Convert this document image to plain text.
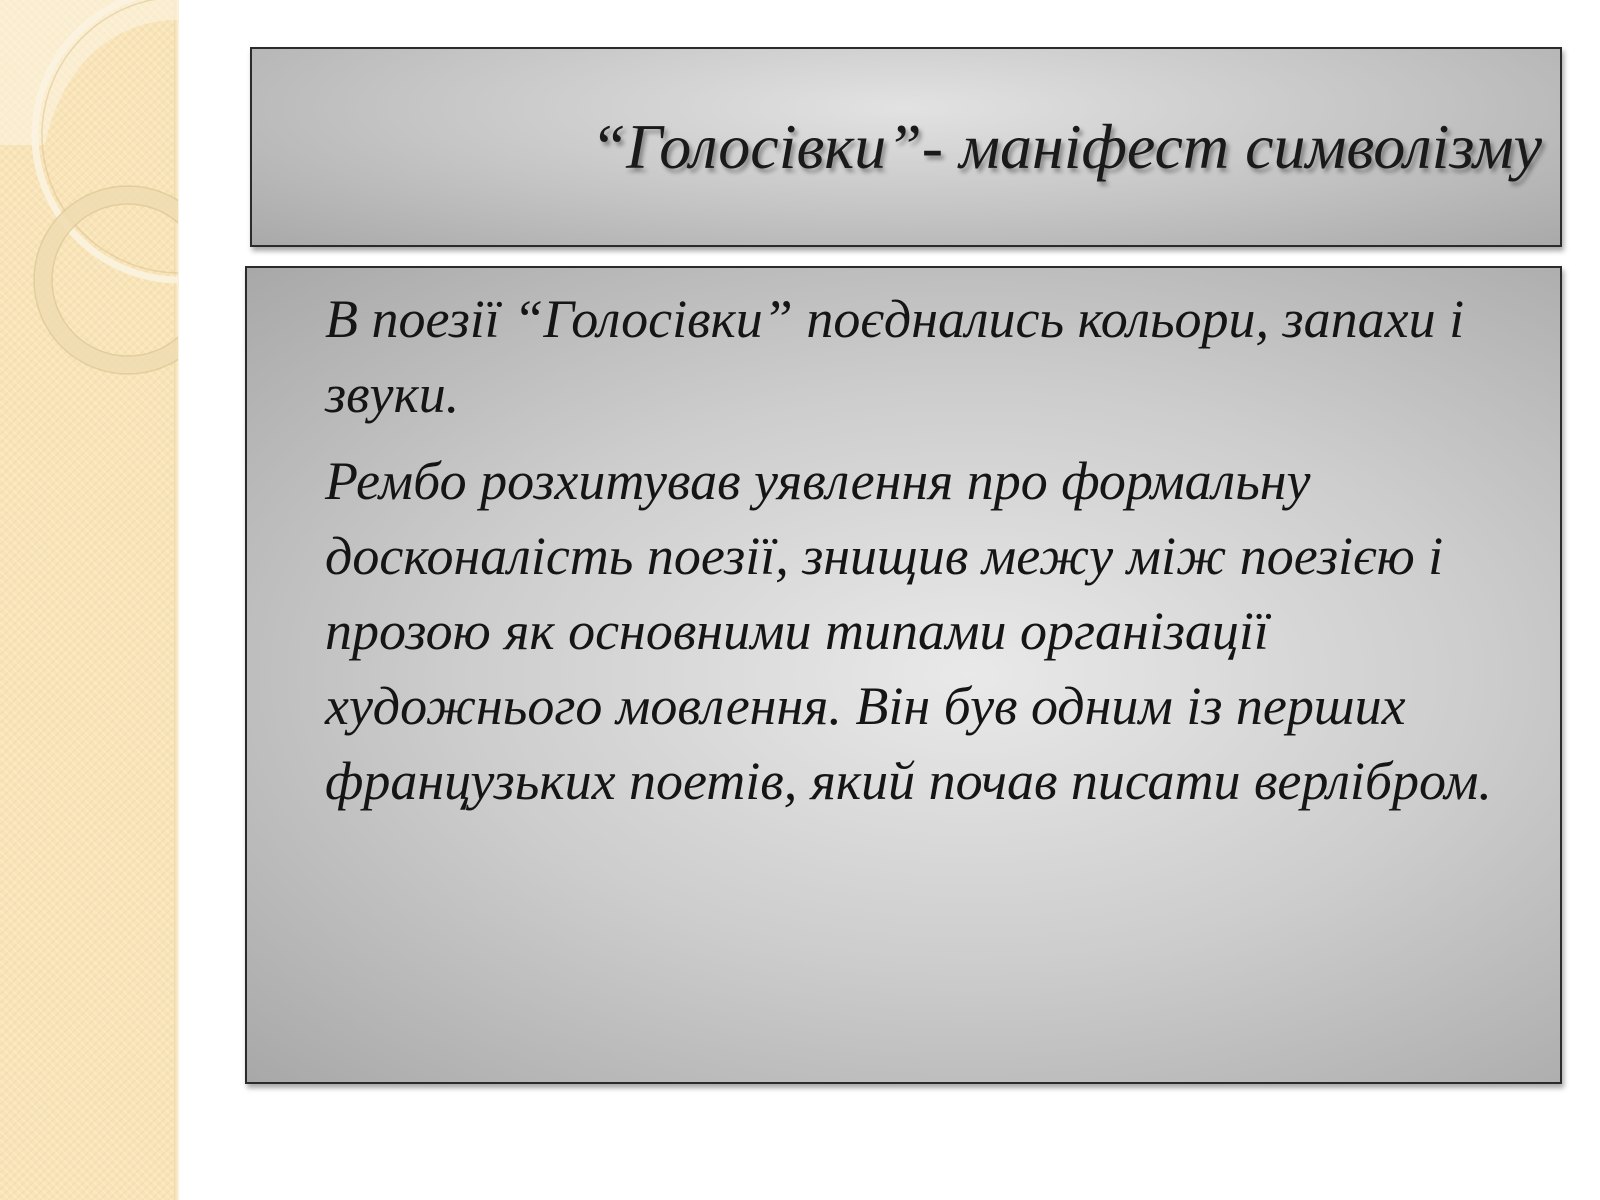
“Голосівки”- маніфест символізму

В поезії “Голосівки” поєднались кольори, запахи і звуки.

Рембо розхитував уявлення про формальну досконалість поезії, знищив межу між поезією і прозою як основними типами організації художнього мовлення. Він був одним із перших французьких поетів, який почав писати верлібром.
